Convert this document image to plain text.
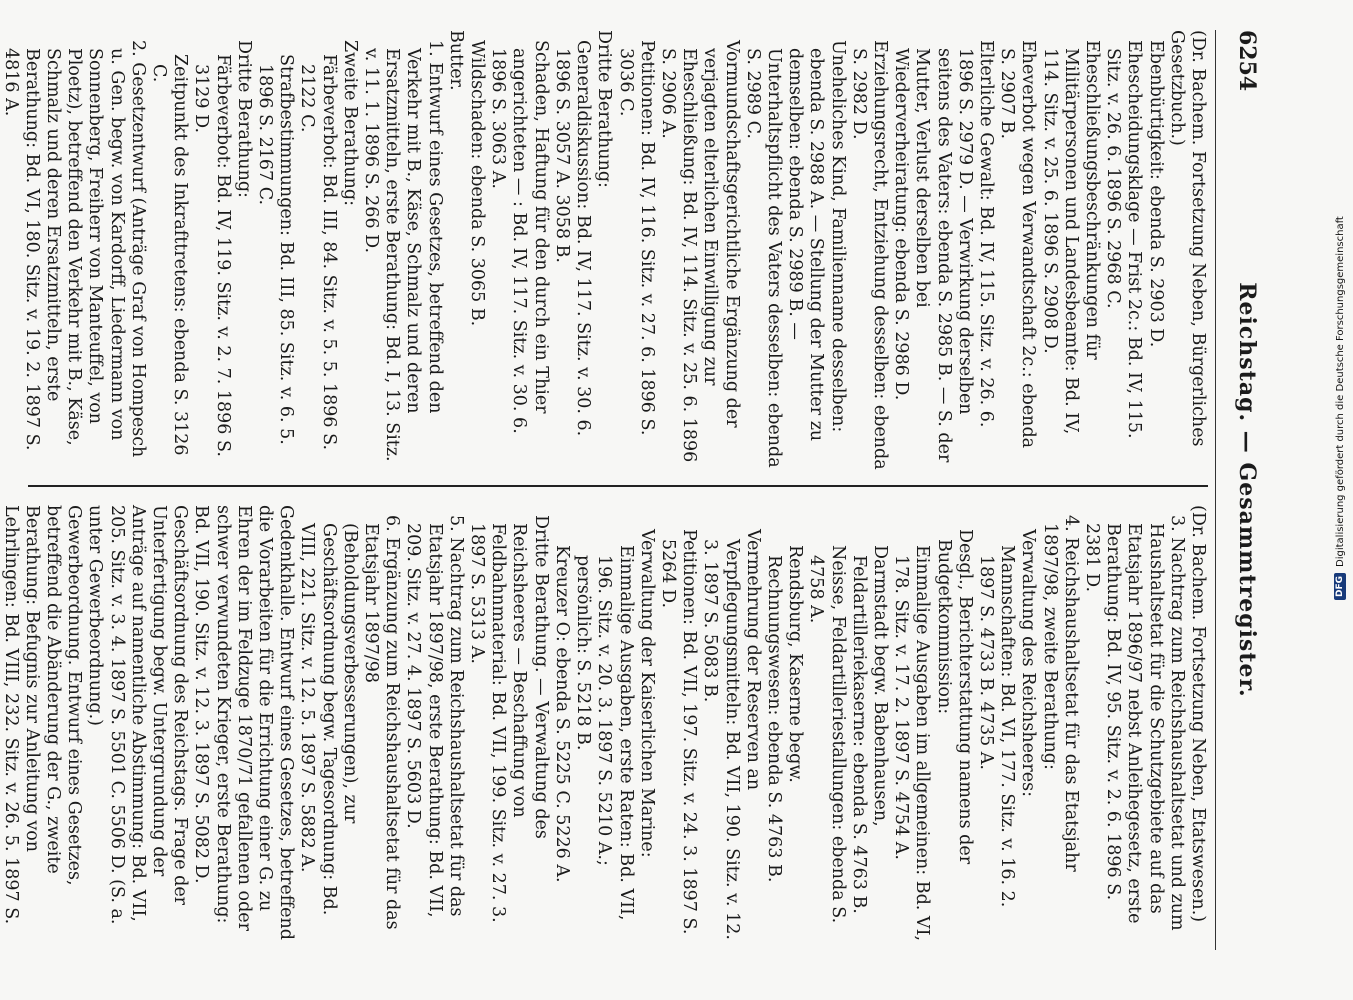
6254
Reichstag. — Gesammtregister.

(Dr. Bachem. Fortsetzung Neben, Bürgerliches Gesetzbuch.)

Ebenbürtigkeit: ebenda S. 2903 D.

Ehescheidungsklage — Frist 2c.: Bd. IV, 115. Sitz. v. 26. 6. 1896 S. 2968 C.

Eheschließungsbeschränkungen für Militärpersonen und Landesbeamte: Bd. IV, 114. Sitz. v. 25. 6. 1896 S. 2908 D.

Eheverbot wegen Verwandtschaft 2c.: ebenda S. 2907 B.

Elterliche Gewalt: Bd. IV, 115. Sitz. v. 26. 6. 1896 S. 2979 D. — Verwirkung derselben seitens des Vaters: ebenda S. 2985 B. — S. der Mutter, Verlust derselben bei Wiederverheiratung: ebenda S. 2986 D.

Erziehungsrecht, Entziehung desselben: ebenda S. 2982 D.

Uneheliches Kind, Familienname desselben: ebenda S. 2988 A. — Stellung der Mutter zu demselben: ebenda S. 2989 B. — Unterhaltspflicht des Vaters desselben: ebenda S. 2989 C.

Vormundschaftsgerichtliche Ergänzung der verjagten elterlichen Einwilligung zur Eheschließung: Bd. IV, 114. Sitz. v. 25. 6. 1896 S. 2906 A.

Petitionen: Bd. IV, 116. Sitz. v. 27. 6. 1896 S. 3036 C.

Dritte Berathung:

Generaldiskussion: Bd. IV, 117. Sitz. v. 30. 6. 1896 S. 3057 A. 3058 B.

Schaden, Haftung für den durch ein Thier angerichteten — : Bd. IV, 117. Sitz. v. 30. 6. 1896 S. 3063 A.

Wildschaden: ebenda S. 3065 B.

Butter.

1. Entwurf eines Gesetzes, betreffend den Verkehr mit B., Käse, Schmalz und deren Ersatzmitteln, erste Berathung: Bd. I, 13. Sitz. v. 11. 1. 1896 S. 266 D.

Zweite Berathung:

Färbeverbot: Bd. III, 84. Sitz. v. 5. 5. 1896 S. 2122 C.

Strafbestimmungen: Bd. III, 85. Sitz. v. 6. 5. 1896 S. 2167 C.

Dritte Berathung:

Färbeverbot: Bd. IV, 119. Sitz. v. 2. 7. 1896 S. 3129 D.

Zeitpunkt des Inkrafttretens: ebenda S. 3126 C.

2. Gesetzentwurf (Anträge Graf von Hompesch u. Gen. begw. von Kardorff, Liedermann von Sonnenberg, Freiherr von Manteuffel, von Ploetz), betreffend den Verkehr mit B., Käse, Schmalz und deren Ersatzmitteln, erste Berathung: Bd. VI, 180. Sitz. v. 19. 2. 1897 S. 4816 A.

(Dr. Bachem. Fortsetzung Neben, Etatswesen.)

3. Nachtrag zum Reichshaushaltsetat und zum Haushaltsetat für die Schutzgebiete auf das Etatsjahr 1896/97 nebst Anleihegesetz, erste Berathung: Bd. IV, 95. Sitz. v. 2. 6. 1896 S. 2381 D.

4. Reichshaushaltsetat für das Etatsjahr 1897/98, zweite Berathung:

Verwaltung des Reichsheeres:

Mannschaften: Bd. VI, 177. Sitz. v. 16. 2. 1897 S. 4733 B. 4735 A.

Desgl., Berichterstattung namens der Budgetkommission:

Einmalige Ausgaben im allgemeinen: Bd. VI, 178. Sitz. v. 17. 2. 1897 S. 4754 A.

Darmstadt begw. Babenhausen, Feldartilleriekaserne: ebenda S. 4763 B.

Neisse, Feldartilleriestallungen: ebenda S. 4758 A.

Rendsburg, Kaserne begw. Rechnungswesen: ebenda S. 4763 B.

Vermehrung der Reserven an Verpflegungsmitteln: Bd. VII, 190. Sitz. v. 12. 3. 1897 S. 5083 B.

Petitionen: Bd. VII, 197. Sitz. v. 24. 3. 1897 S. 5264 D.

Verwaltung der Kaiserlichen Marine:

Einmalige Ausgaben, erste Raten: Bd. VII, 196. Sitz. v. 20. 3. 1897 S. 5210 A.; persönlich: S. 5218 B.

Kreuzer O: ebenda S. 5225 C. 5226 A.

Dritte Berathung. — Verwaltung des Reichsheeres — Beschaffung von Feldbahnmaterial: Bd. VII, 199. Sitz. v. 27. 3. 1897 S. 5313 A.

5. Nachtrag zum Reichshaushaltsetat für das Etatsjahr 1897/98, erste Berathung: Bd. VII, 209. Sitz. v. 27. 4. 1897 S. 5603 D.

6. Ergänzung zum Reichshaushaltsetat für das Etatsjahr 1897/98 (Beholdungsverbesserungen), zur Geschäftsordnung begw. Tagesordnung: Bd. VIII, 221. Sitz. v. 12. 5. 1897 S. 5882 A.

Gedenkhalle. Entwurf eines Gesetzes, betreffend die Vorarbeiten für die Errichtung einer G. zu Ehren der im Feldzuge 1870/71 gefallenen oder schwer verwundeten Krieger, erste Berathung: Bd. VII, 190. Sitz. v. 12. 3. 1897 S. 5082 D.

Geschäftsordnung des Reichstags. Frage der Unterfertigung begw. Untergrundung der Anträge auf namentliche Abstimmung: Bd. VII, 205. Sitz. v. 3. 4. 1897 S. 5501 C. 5506 D. (S. a. unter Gewerbeordnung.)

Gewerbeordnung. Entwurf eines Gesetzes, betreffend die Abänderung der G., zweite Berathung: Befugnis zur Anleitung von Lehrlingen: Bd. VIII, 232. Sitz. v. 26. 5. 1897 S.

DFG
Digitalisierung gefördert durch die Deutsche Forschungsgemeinschaft
